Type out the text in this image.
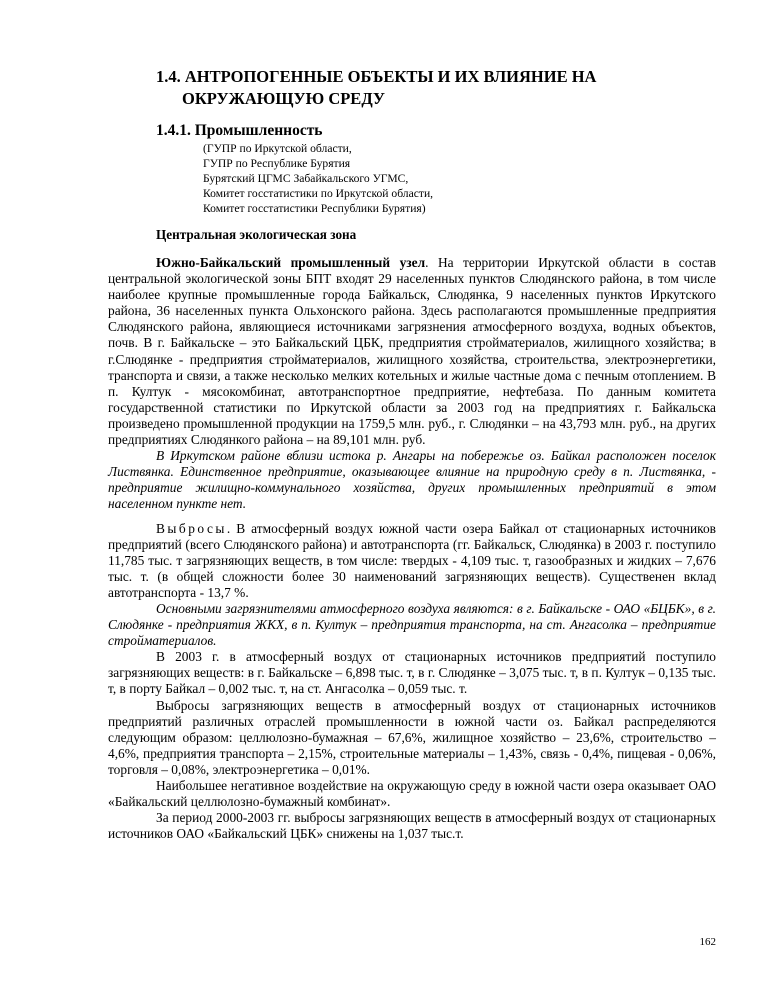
1.4. АНТРОПОГЕННЫЕ ОБЪЕКТЫ И ИХ ВЛИЯНИЕ НА
ОКРУЖАЮЩУЮ СРЕДУ
1.4.1. Промышленность
(ГУПР по Иркутской области,
ГУПР по Республике Бурятия
Бурятский ЦГМС Забайкальского УГМС,
Комитет госстатистики по Иркутской области,
Комитет госстатистики Республики Бурятия)
Центральная экологическая зона

Южно-Байкальский промышленный узел. На территории Иркутской области в состав центральной экологической зоны БПТ входят 29 населенных пунктов Слюдянского района, в том числе наиболее крупные промышленные города Байкальск, Слюдянка, 9 населенных пунктов Иркутского района, 36 населенных пункта Ольхонского района. Здесь располагаются промышленные предприятия Слюдянского района, являющиеся источниками загрязнения атмосферного воздуха, водных объектов, почв. В г. Байкальске – это Байкальский ЦБК, предприятия стройматериалов, жилищного хозяйства; в г.Слюдянке - предприятия стройматериалов, жилищного хозяйства, строительства, электроэнергетики, транспорта и связи, а также несколько мелких котельных и жилые частные дома с печным отоплением. В п. Култук - мясокомбинат, автотранспортное предприятие, нефтебаза. По данным комитета государственной статистики по Иркутской области за 2003 год на предприятиях г. Байкальска произведено промышленной продукции на 1759,5 млн. руб., г. Слюдянки – на 43,793 млн. руб., на других предприятиях Слюдянкого района – на 89,101 млн. руб.

В Иркутском районе вблизи истока р. Ангары на побережье оз. Байкал расположен поселок Листвянка. Единственное предприятие, оказывающее влияние на природную среду в п. Листвянка, - предприятие жилищно-коммунального хозяйства, других промышленных предприятий в этом населенном пункте нет.

Выбросы. В атмосферный воздух южной части озера Байкал от стационарных источников предприятий (всего Слюдянского района) и автотранспорта (гг. Байкальск, Слюдянка) в 2003 г. поступило 11,785 тыс. т загрязняющих веществ, в том числе: твердых - 4,109 тыс. т, газообразных и жидких – 7,676 тыс. т. (в общей сложности более 30 наименований загрязняющих веществ). Существенен вклад автотранспорта - 13,7 %.

Основными загрязнителями атмосферного воздуха являются: в г. Байкальске - ОАО «БЦБК», в г. Слюдянке - предприятия ЖКХ, в п. Култук – предприятия транспорта, на ст. Ангасолка – предприятие стройматериалов.

В 2003 г. в атмосферный воздух от стационарных источников предприятий поступило загрязняющих веществ: в г. Байкальске – 6,898 тыс. т, в г. Слюдянке – 3,075 тыс. т, в п. Култук – 0,135 тыс. т, в порту Байкал – 0,002 тыс. т, на ст. Ангасолка – 0,059 тыс. т.

Выбросы загрязняющих веществ в атмосферный воздух от стационарных источников предприятий различных отраслей промышленности в южной части оз. Байкал распределяются следующим образом: целлюлозно-бумажная – 67,6%, жилищное хозяйство – 23,6%, строительство – 4,6%, предприятия транспорта – 2,15%, строительные материалы – 1,43%, связь - 0,4%, пищевая - 0,06%, торговля – 0,08%, электроэнергетика – 0,01%.

Наибольшее негативное воздействие на окружающую среду в южной части озера оказывает ОАО «Байкальский целлюлозно-бумажный комбинат».

За период 2000-2003 гг. выбросы загрязняющих веществ в атмосферный воздух от стационарных источников ОАО «Байкальский ЦБК» снижены на 1,037 тыс.т.

162
